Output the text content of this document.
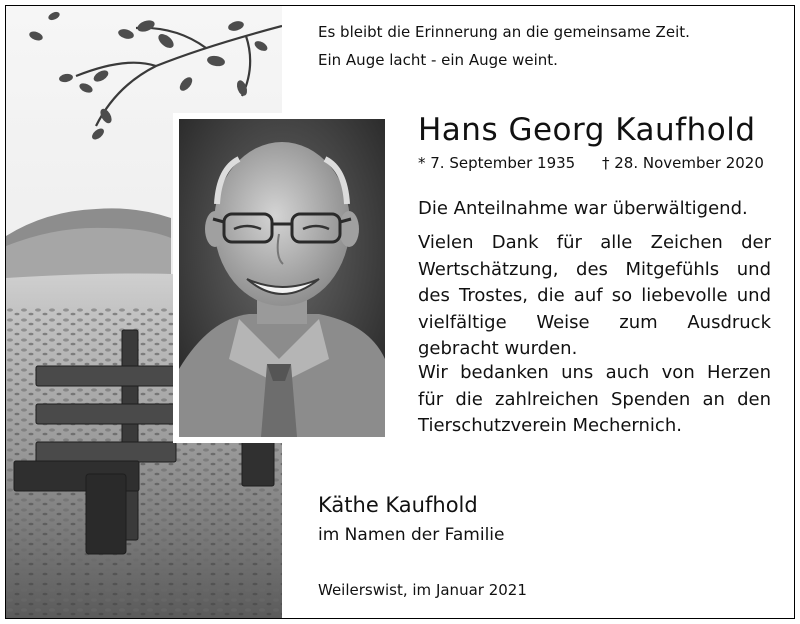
Es bleibt die Erinnerung an die gemeinsame Zeit.
Ein Auge lacht - ein Auge weint.
Hans Georg Kaufhold
* 7. September 1935 † 28. November 2020
Die Anteilnahme war überwältigend.
Vielen Dank für alle Zeichen der
Wertschätzung, des Mitgefühls und
des Trostes, die auf so liebevolle und
vielfältige Weise zum Ausdruck
gebracht wurden.
Wir bedanken uns auch von Herzen
für die zahlreichen Spenden an den
Tierschutzverein Mechernich.
Käthe Kaufhold
im Namen der Familie
Weilerswist, im Januar 2021
